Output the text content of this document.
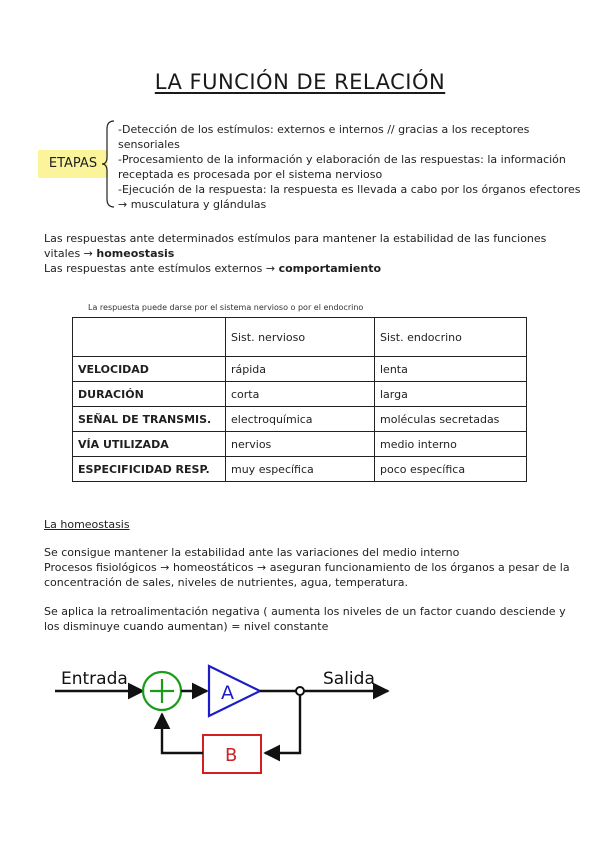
LA FUNCIÓN DE RELACIÓN
ETAPAS

-Detección de los estímulos: externos e internos // gracias a los receptores sensoriales

-Procesamiento de la información y elaboración de las respuestas: la información receptada es procesada por el sistema nervioso

-Ejecución de la respuesta: la respuesta es llevada a cabo por los órganos efectores → musculatura y glándulas

Las respuestas ante determinados estímulos para mantener la estabilidad de las funciones vitales → homeostasis

Las respuestas ante estímulos externos → comportamiento

La respuesta puede darse por el sistema nervioso o por el endocrino
	Sist. nervioso	Sist. endocrino
VELOCIDAD	rápida	lenta
DURACIÓN	corta	larga
SEÑAL DE TRANSMIS.	electroquímica	moléculas secretadas
VÍA UTILIZADA	nervios	medio interno
ESPECIFICIDAD RESP.	muy específica	poco específica
La homeostasis

Se consigue mantener la estabilidad ante las variaciones del medio interno

Procesos fisiológicos → homeostáticos → aseguran funcionamiento de los órganos a pesar de la concentración de sales, niveles de nutrientes, agua, temperatura.

Se aplica la retroalimentación negativa ( aumenta los niveles de un factor cuando desciende y los disminuye cuando aumentan) = nivel constante

Entrada
A
Salida
B
